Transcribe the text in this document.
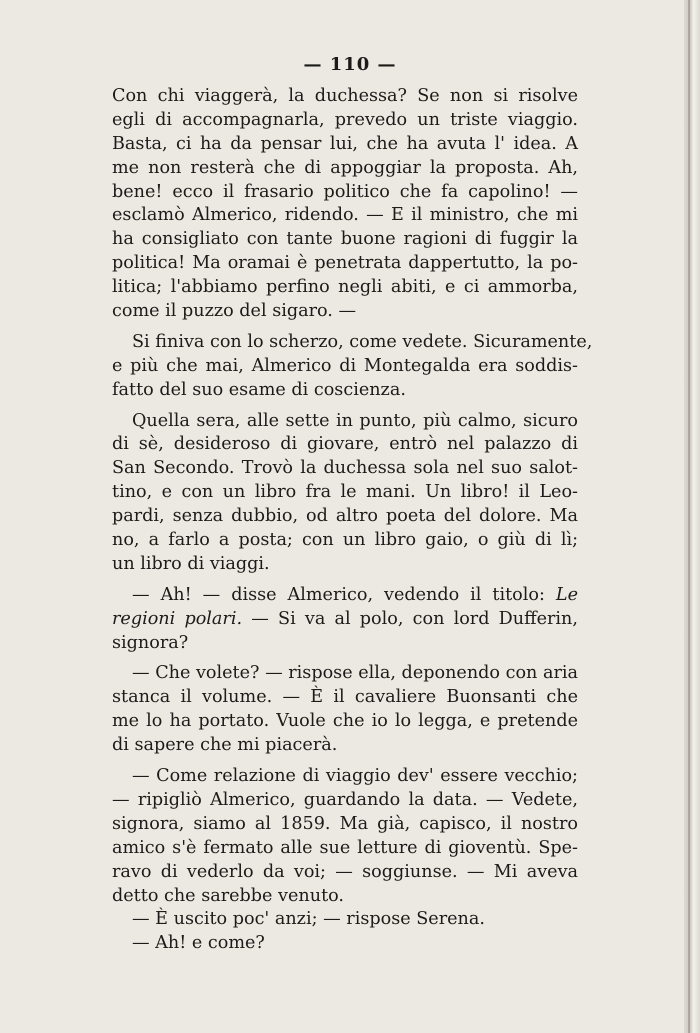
— 110 —
Con chi viaggerà, la duchessa? Se non si risolve
egli di accompagnarla, prevedo un triste viaggio.
Basta, ci ha da pensar lui, che ha avuta l' idea. A
me non resterà che di appoggiar la proposta. Ah,
bene! ecco il frasario politico che fa capolino! —
esclamò Almerico, ridendo. — E il ministro, che mi
ha consigliato con tante buone ragioni di fuggir la
politica! Ma oramai è penetrata dappertutto, la po-
litica; l'abbiamo perfino negli abiti, e ci ammorba,
come il puzzo del sigaro. —
Si finiva con lo scherzo, come vedete. Sicuramente,
e più che mai, Almerico di Montegalda era soddis-
fatto del suo esame di coscienza.
Quella sera, alle sette in punto, più calmo, sicuro
di sè, desideroso di giovare, entrò nel palazzo di
San Secondo. Trovò la duchessa sola nel suo salot-
tino, e con un libro fra le mani. Un libro! il Leo-
pardi, senza dubbio, od altro poeta del dolore. Ma
no, a farlo a posta; con un libro gaio, o giù di lì;
un libro di viaggi.
— Ah! — disse Almerico, vedendo il titolo: Le
regioni polari. — Si va al polo, con lord Dufferin,
signora?
— Che volete? — rispose ella, deponendo con aria
stanca il volume. — È il cavaliere Buonsanti che
me lo ha portato. Vuole che io lo legga, e pretende
di sapere che mi piacerà.
— Come relazione di viaggio dev' essere vecchio;
— ripigliò Almerico, guardando la data. — Vedete,
signora, siamo al 1859. Ma già, capisco, il nostro
amico s'è fermato alle sue letture di gioventù. Spe-
ravo di vederlo da voi; — soggiunse. — Mi aveva
detto che sarebbe venuto.
— È uscito poc' anzi; — rispose Serena.
— Ah! e come?
